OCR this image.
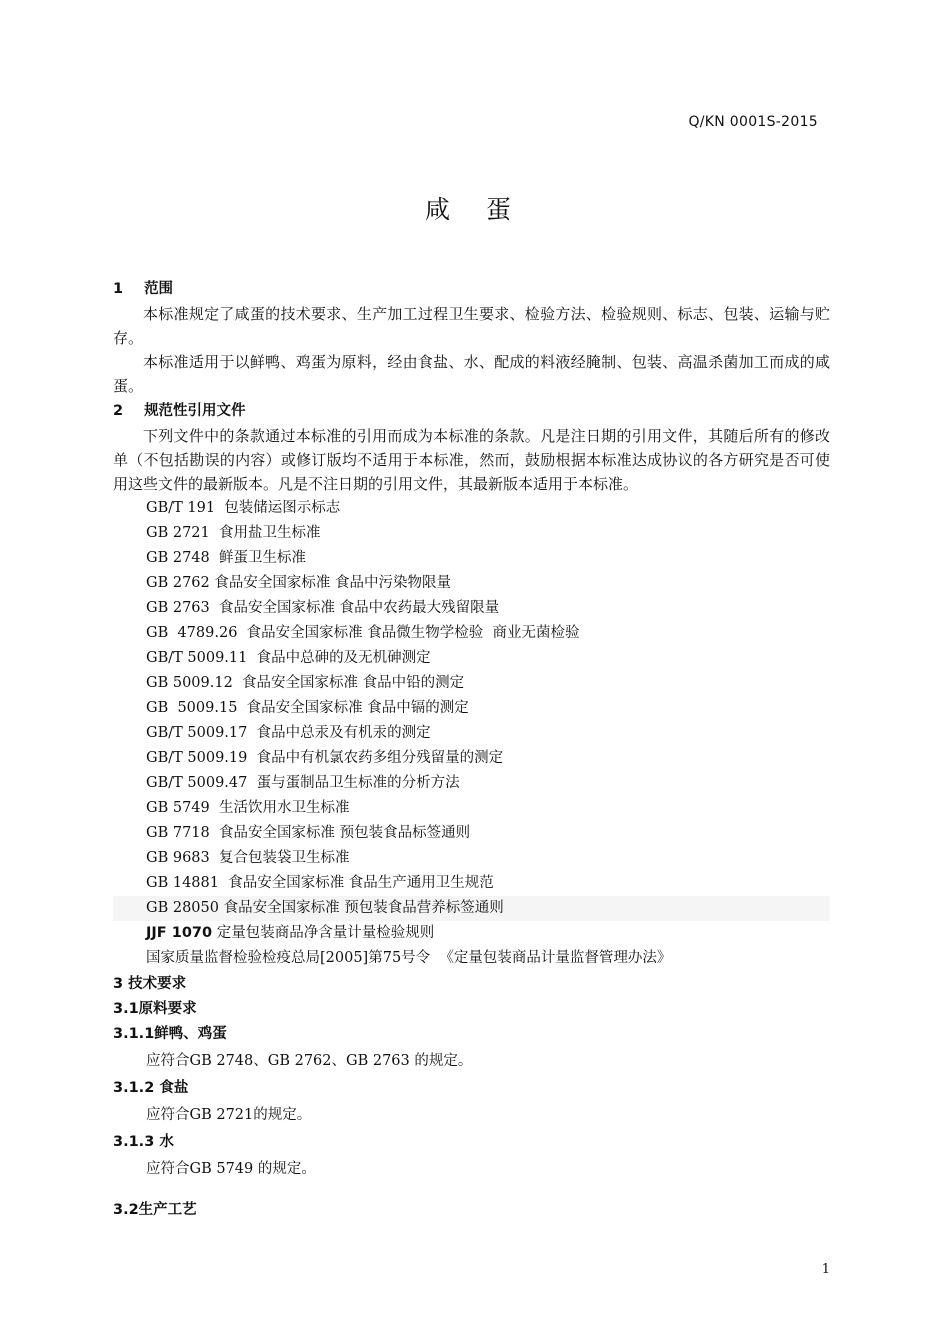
Q/KN 0001S-2015
咸 蛋
1 范围

本标准规定了咸蛋的技术要求、生产加工过程卫生要求、检验方法、检验规则、标志、包装、运输与贮存。

本标准适用于以鲜鸭、鸡蛋为原料，经由食盐、水、配成的料液经腌制、包装、高温杀菌加工而成的咸蛋。

2 规范性引用文件

下列文件中的条款通过本标准的引用而成为本标准的条款。凡是注日期的引用文件，其随后所有的修改单（不包括勘误的内容）或修订版均不适用于本标准，然而，鼓励根据本标准达成协议的各方研究是否可使用这些文件的最新版本。凡是不注日期的引用文件，其最新版本适用于本标准。

GB/T 191  包装储运图示标志
GB 2721  食用盐卫生标准
GB 2748  鲜蛋卫生标准
GB 2762 食品安全国家标准 食品中污染物限量
GB 2763  食品安全国家标准 食品中农药最大残留限量
GB  4789.26  食品安全国家标准 食品微生物学检验  商业无菌检验
GB/T 5009.11  食品中总砷的及无机砷测定
GB 5009.12  食品安全国家标准 食品中铅的测定
GB  5009.15  食品安全国家标准 食品中镉的测定
GB/T 5009.17  食品中总汞及有机汞的测定
GB/T 5009.19  食品中有机氯农药多组分残留量的测定
GB/T 5009.47  蛋与蛋制品卫生标准的分析方法
GB 5749  生活饮用水卫生标准
GB 7718  食品安全国家标准 预包装食品标签通则
GB 9683  复合包装袋卫生标准
GB 14881  食品安全国家标准 食品生产通用卫生规范
GB 28050 食品安全国家标准 预包装食品营养标签通则
JJF 1070 定量包装商品净含量计量检验规则
国家质量监督检验检疫总局[2005]第75号令  《定量包装商品计量监督管理办法》
3 技术要求
3.1原料要求
3.1.1鲜鸭、鸡蛋
应符合GB 2748、GB 2762、GB 2763 的规定。
3.1.2 食盐
应符合GB 2721的规定。
3.1.3 水
应符合GB 5749 的规定。
3.2生产工艺
1
